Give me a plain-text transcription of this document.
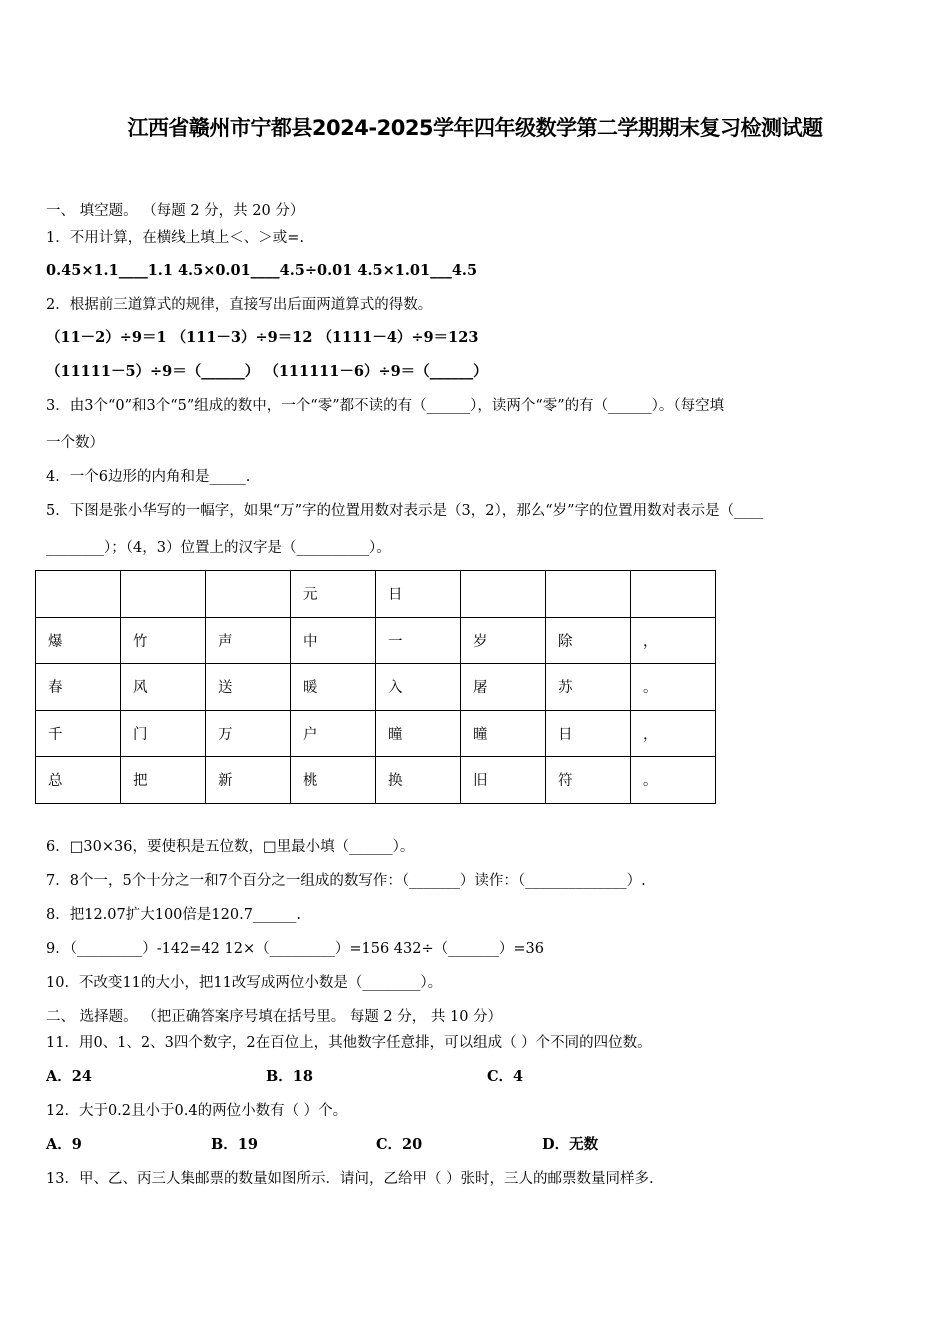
江西省赣州市宁都县2024-2025学年四年级数学第二学期期末复习检测试题
一、 填空题。 （每题 2 分，共 20 分）
1．不用计算，在横线上填上＜、＞或=.
0.45×1.1____1.1 4.5×0.01____4.5÷0.01 4.5×1.01___4.5
2．根据前三道算式的规律，直接写出后面两道算式的得数。
（11－2）÷9＝1 （111－3）÷9＝12 （1111－4）÷9＝123
（11111－5）÷9＝（______） （111111－6）÷9＝（______）
3．由3个“0”和3个“5”组成的数中，一个“零”都不读的有（______），读两个“零”的有（______）。（每空填
一个数）
4．一个6边形的内角和是_____.
5．下图是张小华写的一幅字，如果“万”字的位置用数对表示是（3，2），那么“岁”字的位置用数对表示是（____
________）；（4，3）位置上的汉字是（__________）。
			元	日			
爆	竹	声	中	一	岁	除	，
春	风	送	暖	入	屠	苏	。
千	门	万	户	曈	曈	日	，
总	把	新	桃	换	旧	符	。
6．□30×36，要使积是五位数，□里最小填（______）。
7．8个一，5个十分之一和7个百分之一组成的数写作：（_______）读作：（______________）.
8．把12.07扩大100倍是120.7______.
9．（_________）-142=42 12×（_________）=156 432÷（_______）=36
10．不改变11的大小，把11改写成两位小数是（________）。
二、 选择题。 （把正确答案序号填在括号里。 每题 2 分， 共 10 分）
11．用0、1、2、3四个数字，2在百位上，其他数字任意排，可以组成（ ）个不同的四位数。
A．24	B．18	C．4
12．大于0.2且小于0.4的两位小数有（ ）个。
A．9	B．19	C．20	D．无数
13．甲、乙、丙三人集邮票的数量如图所示．请问，乙给甲（ ）张时，三人的邮票数量同样多.
